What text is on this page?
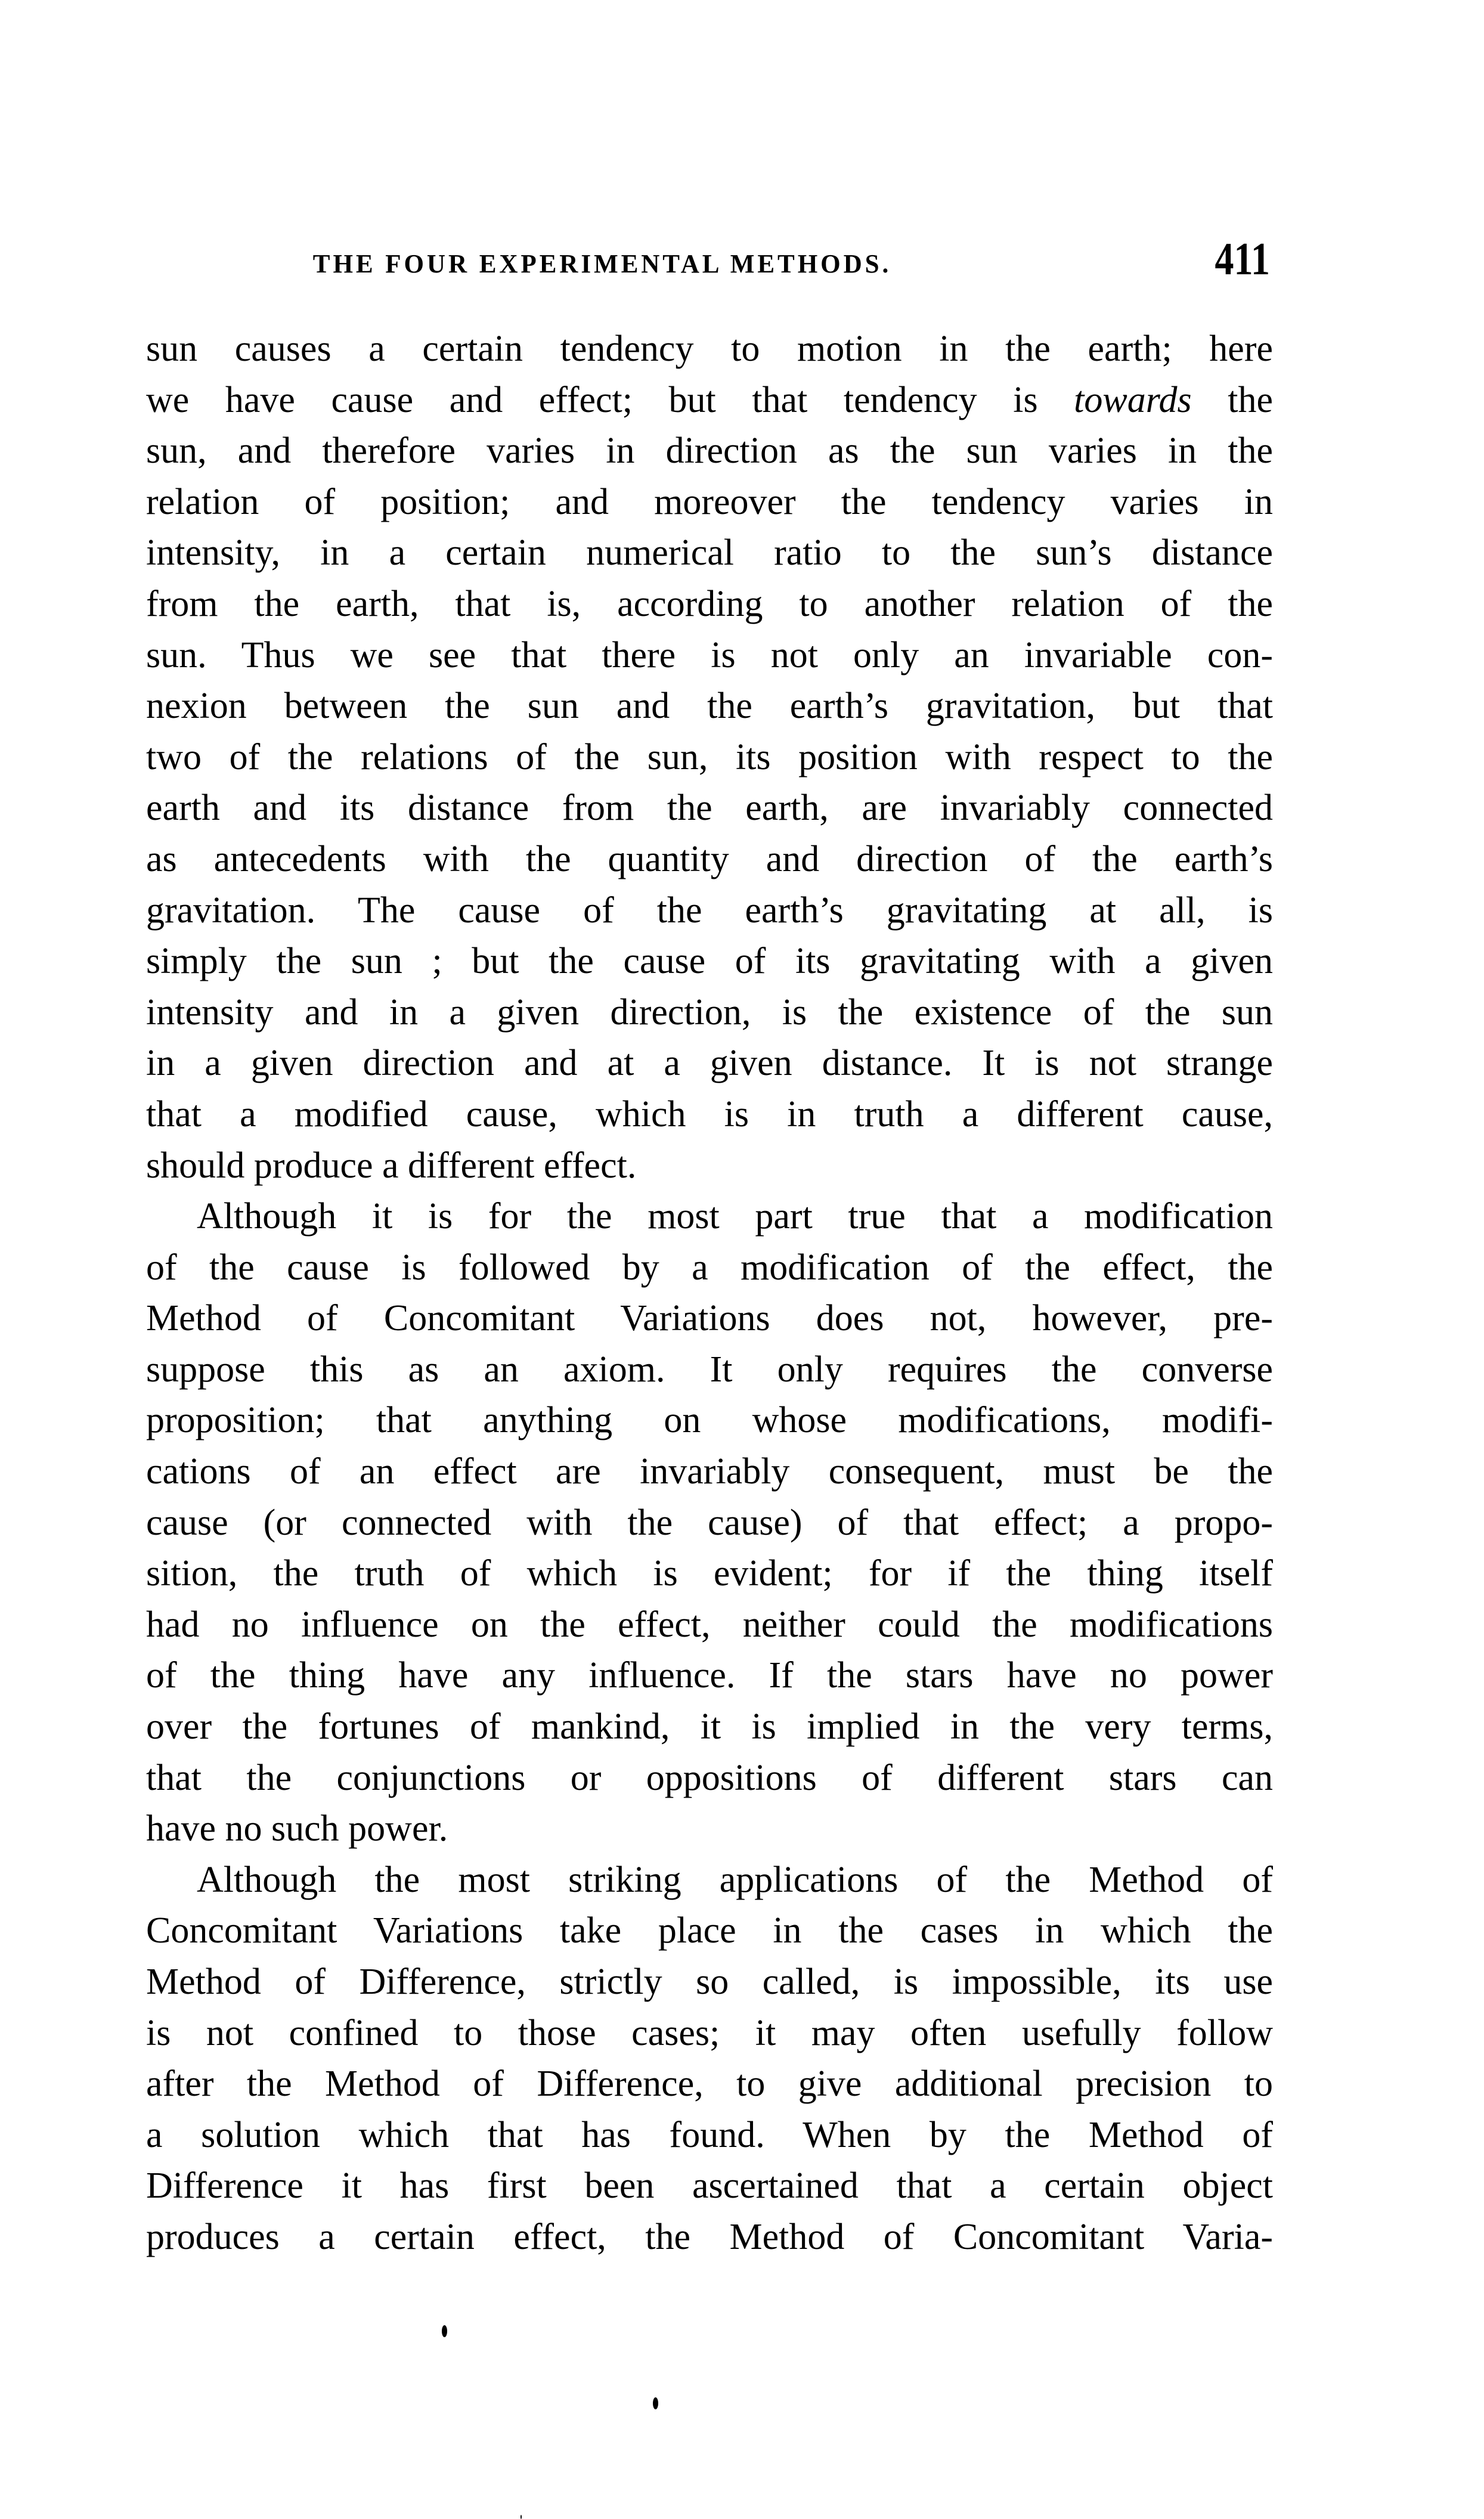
THE FOUR EXPERIMENTAL METHODS.	411
sun causes a certain tendency to motion in the earth; here
we have cause and effect; but that tendency is towards the
sun, and therefore varies in direction as the sun varies in the
relation of position; and moreover the tendency varies in
intensity, in a certain numerical ratio to the sun’s distance
from the earth, that is, according to another relation of the
sun. Thus we see that there is not only an invariable con-
nexion between the sun and the earth’s gravitation, but that
two of the relations of the sun, its position with respect to the
earth and its distance from the earth, are invariably connected
as antecedents with the quantity and direction of the earth’s
gravitation. The cause of the earth’s gravitating at all, is
simply the sun ; but the cause of its gravitating with a given
intensity and in a given direction, is the existence of the sun
in a given direction and at a given distance. It is not strange
that a modified cause, which is in truth a different cause,
should produce a different effect.
Although it is for the most part true that a modification
of the cause is followed by a modification of the effect, the
Method of Concomitant Variations does not, however, pre-
suppose this as an axiom. It only requires the converse
proposition; that anything on whose modifications, modifi-
cations of an effect are invariably consequent, must be the
cause (or connected with the cause) of that effect; a propo-
sition, the truth of which is evident; for if the thing itself
had no influence on the effect, neither could the modifications
of the thing have any influence. If the stars have no power
over the fortunes of mankind, it is implied in the very terms,
that the conjunctions or oppositions of different stars can
have no such power.
Although the most striking applications of the Method of
Concomitant Variations take place in the cases in which the
Method of Difference, strictly so called, is impossible, its use
is not confined to those cases; it may often usefully follow
after the Method of Difference, to give additional precision to
a solution which that has found. When by the Method of
Difference it has first been ascertained that a certain object
produces a certain effect, the Method of Concomitant Varia-
